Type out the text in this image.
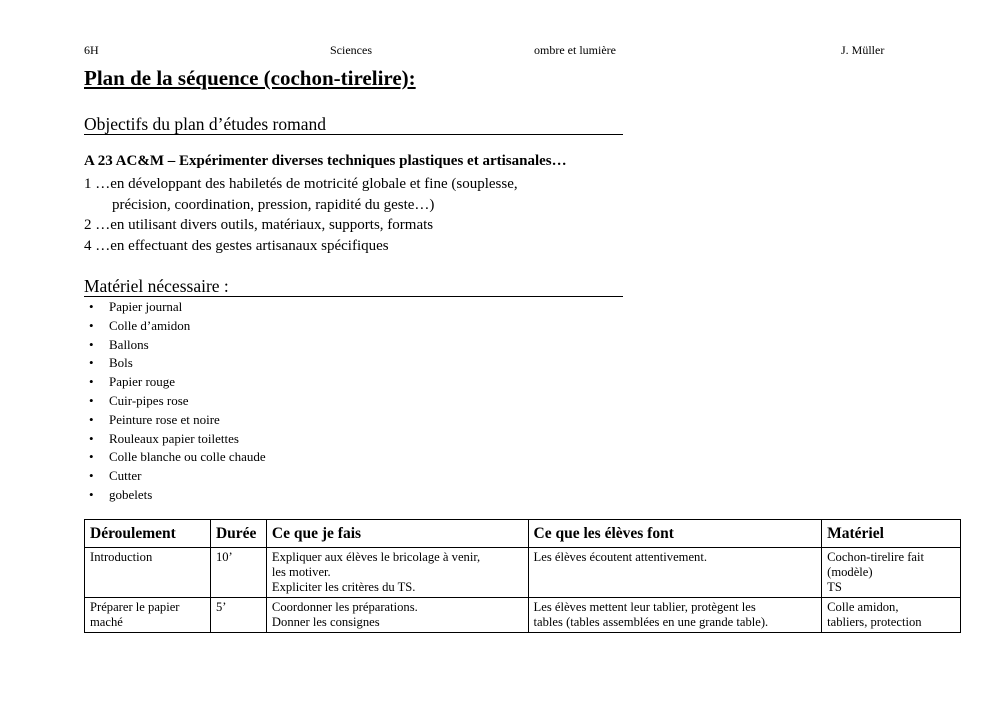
6H	Sciences	ombre et lumière	J. Müller
Plan de la séquence (cochon-tirelire):
Objectifs du plan d’études romand
A 23 AC&M – Expérimenter diverses techniques plastiques et artisanales…
1 …en développant des habiletés de motricité globale et fine (souplesse,
précision, coordination, pression, rapidité du geste…)
2 …en utilisant divers outils, matériaux, supports, formats
4 …en effectuant des gestes artisanaux spécifiques
Matériel nécessaire :
• Papier journal
• Colle d’amidon
• Ballons
• Bols
• Papier rouge
• Cuir-pipes rose
• Peinture rose et noire
• Rouleaux papier toilettes
• Colle blanche ou colle chaude
• Cutter
• gobelets
Déroulement	Durée	Ce que je fais	Ce que les élèves font	Matériel

Introduction	10’	Expliquer aux élèves le bricolage à venir,
les motiver.
Expliciter les critères du TS.	Les élèves écoutent attentivement.	Cochon-tirelire fait
(modèle)
TS

Préparer le papier
maché	5’	Coordonner les préparations.
Donner les consignes	Les élèves mettent leur tablier, protègent les
tables (tables assemblées en une grande table).	Colle amidon,
tabliers, protection
